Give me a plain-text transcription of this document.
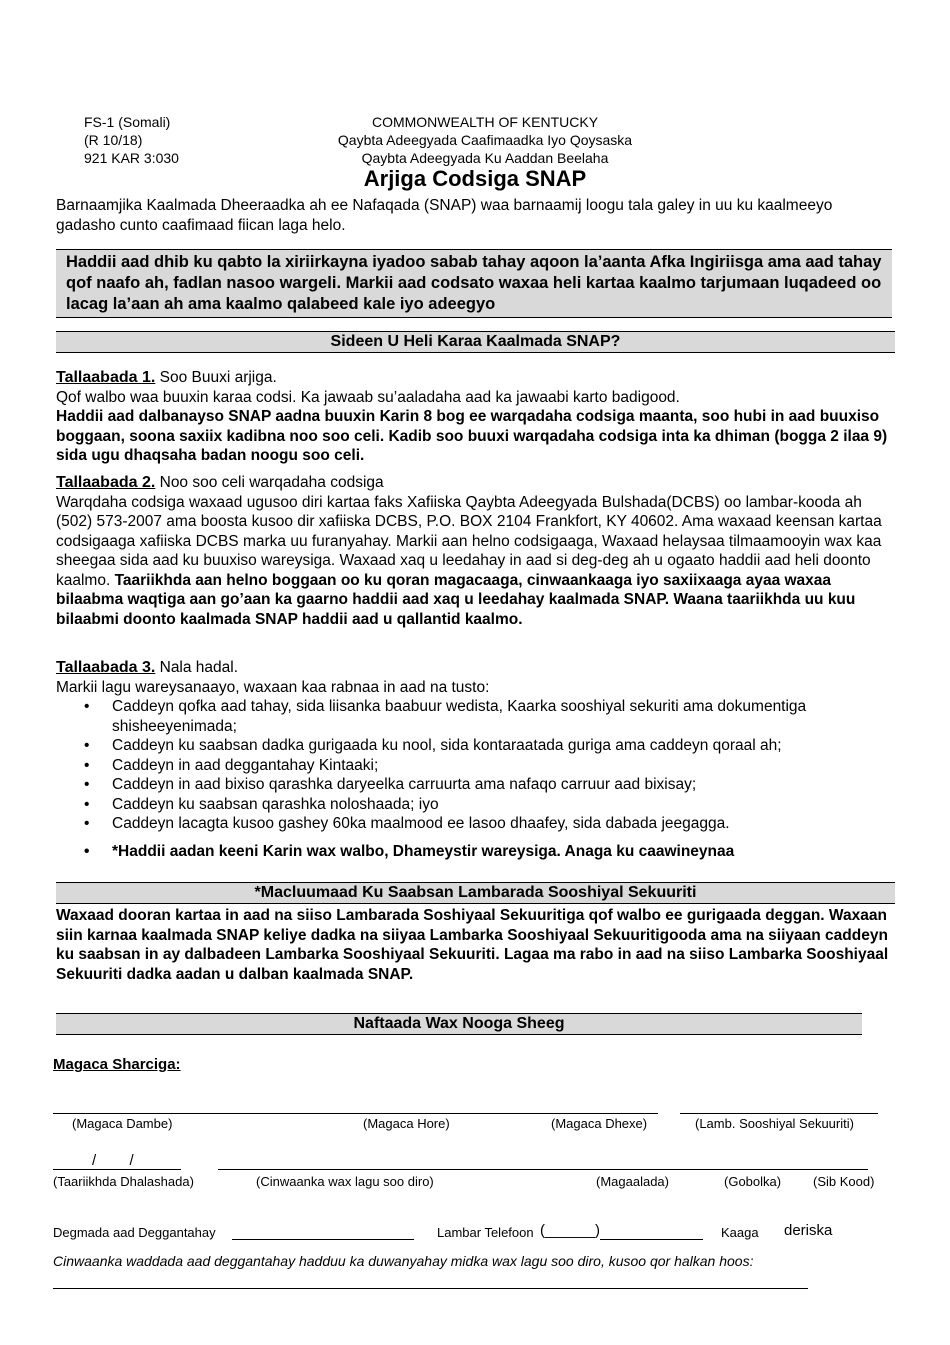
FS-1 (Somali)
(R 10/18)
921 KAR 3:030
COMMONWEALTH OF KENTUCKY
Qaybta Adeegyada Caafimaadka Iyo Qoysaska
Qaybta Adeegyada Ku Aaddan Beelaha
Arjiga Codsiga SNAP
Barnaamjika Kaalmada Dheeraadka ah ee Nafaqada (SNAP) waa barnaamij loogu tala galey in uu ku kaalmeeyo gadasho cunto caafimaad fiican laga helo.
Haddii aad dhib ku qabto la xiriirkayna iyadoo sabab tahay aqoon la’aanta Afka Ingiriisga ama aad tahay qof naafo ah, fadlan nasoo wargeli. Markii aad codsato waxaa heli kartaa kaalmo tarjumaan luqadeed oo lacag la’aan ah ama kaalmo qalabeed kale iyo adeegyo
Sideen U Heli Karaa Kaalmada SNAP?
Tallaabada 1. Soo Buuxi arjiga.
Qof walbo waa buuxin karaa codsi. Ka jawaab su’aaladaha aad ka jawaabi karto badigood.
Haddii aad dalbanayso SNAP aadna buuxin Karin 8 bog ee warqadaha codsiga maanta, soo hubi in aad buuxiso boggaan, soona saxiix kadibna noo soo celi. Kadib soo buuxi warqadaha codsiga inta ka dhiman (bogga 2 ilaa 9) sida ugu dhaqsaha badan noogu soo celi.
Tallaabada 2. Noo soo celi warqadaha codsiga
Warqdaha codsiga waxaad ugusoo diri kartaa faks Xafiiska Qaybta Adeegyada Bulshada(DCBS) oo lambar-kooda ah (502) 573-2007 ama boosta kusoo dir xafiiska DCBS, P.O. BOX 2104 Frankfort, KY 40602. Ama waxaad keensan kartaa codsigaaga xafiiska DCBS marka uu furanyahay. Markii aan helno codsigaaga, Waxaad helaysaa tilmaamooyin wax kaa sheegaa sida aad ku buuxiso wareysiga. Waxaad xaq u leedahay in aad si deg-deg ah u ogaato haddii aad heli doonto kaalmo. Taariikhda aan helno boggaan oo ku qoran magacaaga, cinwaankaaga iyo saxiixaaga ayaa waxaa bilaabma waqtiga aan go’aan ka gaarno haddii aad xaq u leedahay kaalmada SNAP. Waana taariikhda uu kuu bilaabmi doonto kaalmada SNAP haddii aad u qallantid kaalmo.
Tallaabada 3. Nala hadal.
Markii lagu wareysanaayo, waxaan kaa rabnaa in aad na tusto:
• Caddeyn qofka aad tahay, sida liisanka baabuur wedista, Kaarka sooshiyal sekuriti ama dokumentiga shisheeyenimada;
• Caddeyn ku saabsan dadka gurigaada ku nool, sida kontaraatada guriga ama caddeyn qoraal ah;
• Caddeyn in aad deggantahay Kintaaki;
• Caddeyn in aad bixiso qarashka daryeelka carruurta ama nafaqo carruur aad bixisay;
• Caddeyn ku saabsan qarashka noloshaada; iyo
• Caddeyn lacagta kusoo gashey 60ka maalmood ee lasoo dhaafey, sida dabada jeegagga.
• *Haddii aadan keeni Karin wax walbo, Dhameystir wareysiga. Anaga ku caawineynaa
*Macluumaad Ku Saabsan Lambarada Sooshiyal Sekuuriti
Waxaad dooran kartaa in aad na siiso Lambarada Soshiyaal Sekuuritiga qof walbo ee gurigaada deggan. Waxaan siin karnaa kaalmada SNAP keliye dadka na siiyaa Lambarka Sooshiyaal Sekuuritigooda ama na siiyaan caddeyn ku saabsan in ay dalbadeen Lambarka Sooshiyaal Sekuuriti. Lagaa ma rabo in aad na siiso Lambarka Sooshiyaal Sekuuriti dadka aadan u dalban kaalmada SNAP.
Naftaada Wax Nooga Sheeg
Magaca Sharciga:
(Magaca Dambe)	(Magaca Hore)	(Magaca Dhexe)	(Lamb. Sooshiyal Sekuuriti)
/        /
(Taariikhda Dhalashada)	(Cinwaanka wax lagu soo diro)	(Magaalada)	(Gobolka) (Sib Kood)
Degmada aad Deggantahay	Lambar Telefoon (______)	Kaaga deriska
Cinwaanka waddada aad deggantahay hadduu ka duwanyahay midka wax lagu soo diro, kusoo qor halkan hoos:
